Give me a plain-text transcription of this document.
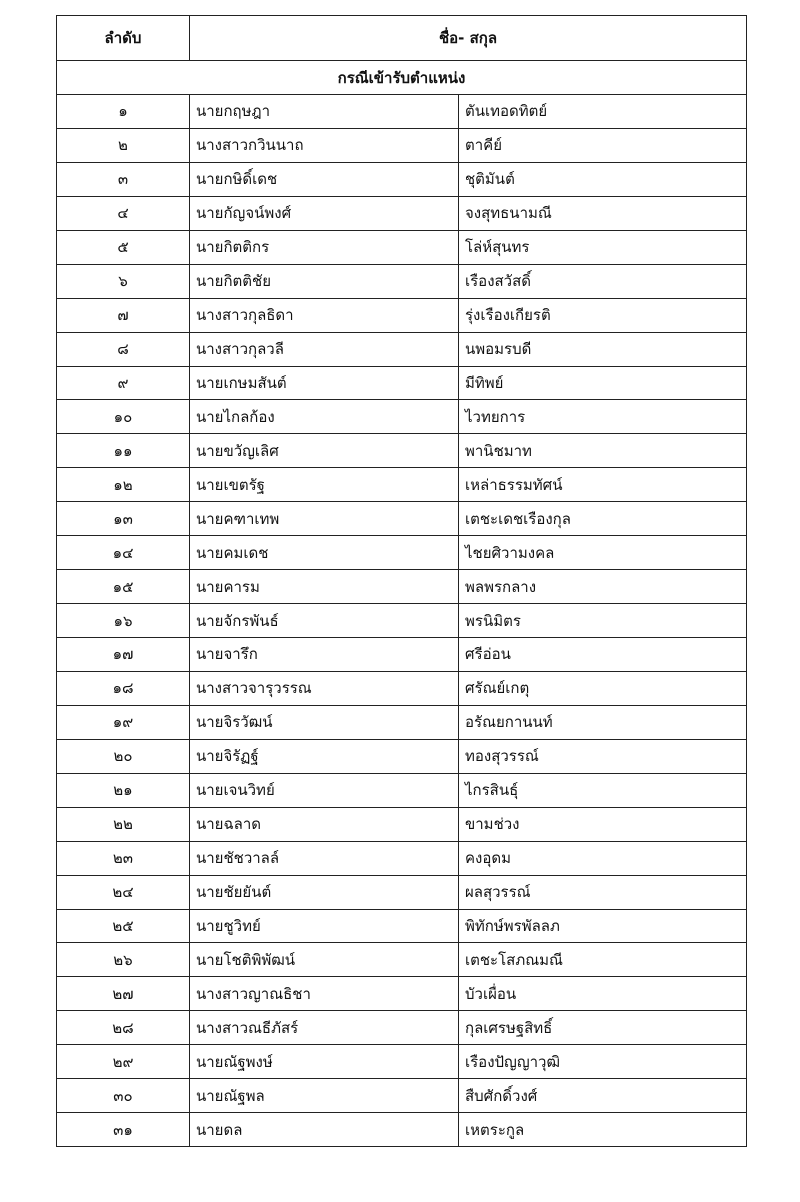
ลำดับ	ชื่อ- สกุล
กรณีเข้ารับตำแหน่ง
๑	นายกฤษฎา	ตันเทอดทิตย์
๒	นางสาวกวินนาถ	ตาคีย์
๓	นายกษิดิ์เดช	ชุติมันต์
๔	นายกัญจน์พงศ์	จงสุทธนามณี
๕	นายกิตติกร	โล่ห์สุนทร
๖	นายกิตติชัย	เรืองสวัสดิ์
๗	นางสาวกุลธิดา	รุ่งเรืองเกียรติ
๘	นางสาวกุลวลี	นพอมรบดี
๙	นายเกษมสันต์	มีทิพย์
๑๐	นายไกลก้อง	ไวทยการ
๑๑	นายขวัญเลิศ	พานิชมาท
๑๒	นายเขตรัฐ	เหล่าธรรมทัศน์
๑๓	นายคฑาเทพ	เตชะเดชเรืองกุล
๑๔	นายคมเดช	ไชยศิวามงคล
๑๕	นายคารม	พลพรกลาง
๑๖	นายจักรพันธ์	พรนิมิตร
๑๗	นายจารึก	ศรีอ่อน
๑๘	นางสาวจารุวรรณ	ศรัณย์เกตุ
๑๙	นายจิรวัฒน์	อรัณยกานนท์
๒๐	นายจิรัฏฐ์	ทองสุวรรณ์
๒๑	นายเจนวิทย์	ไกรสินธุ์
๒๒	นายฉลาด	ขามช่วง
๒๓	นายชัชวาลล์	คงอุดม
๒๔	นายชัยยันต์	ผลสุวรรณ์
๒๕	นายชูวิทย์	พิทักษ์พรพัลลภ
๒๖	นายโชติพิพัฒน์	เตชะโสภณมณี
๒๗	นางสาวญาณธิชา	บัวเผื่อน
๒๘	นางสาวณธีภัสร์	กุลเศรษฐสิทธิ์
๒๙	นายณัฐพงษ์	เรืองปัญญาวุฒิ
๓๐	นายณัฐพล	สืบศักดิ์วงศ์
๓๑	นายดล	เหตระกูล
